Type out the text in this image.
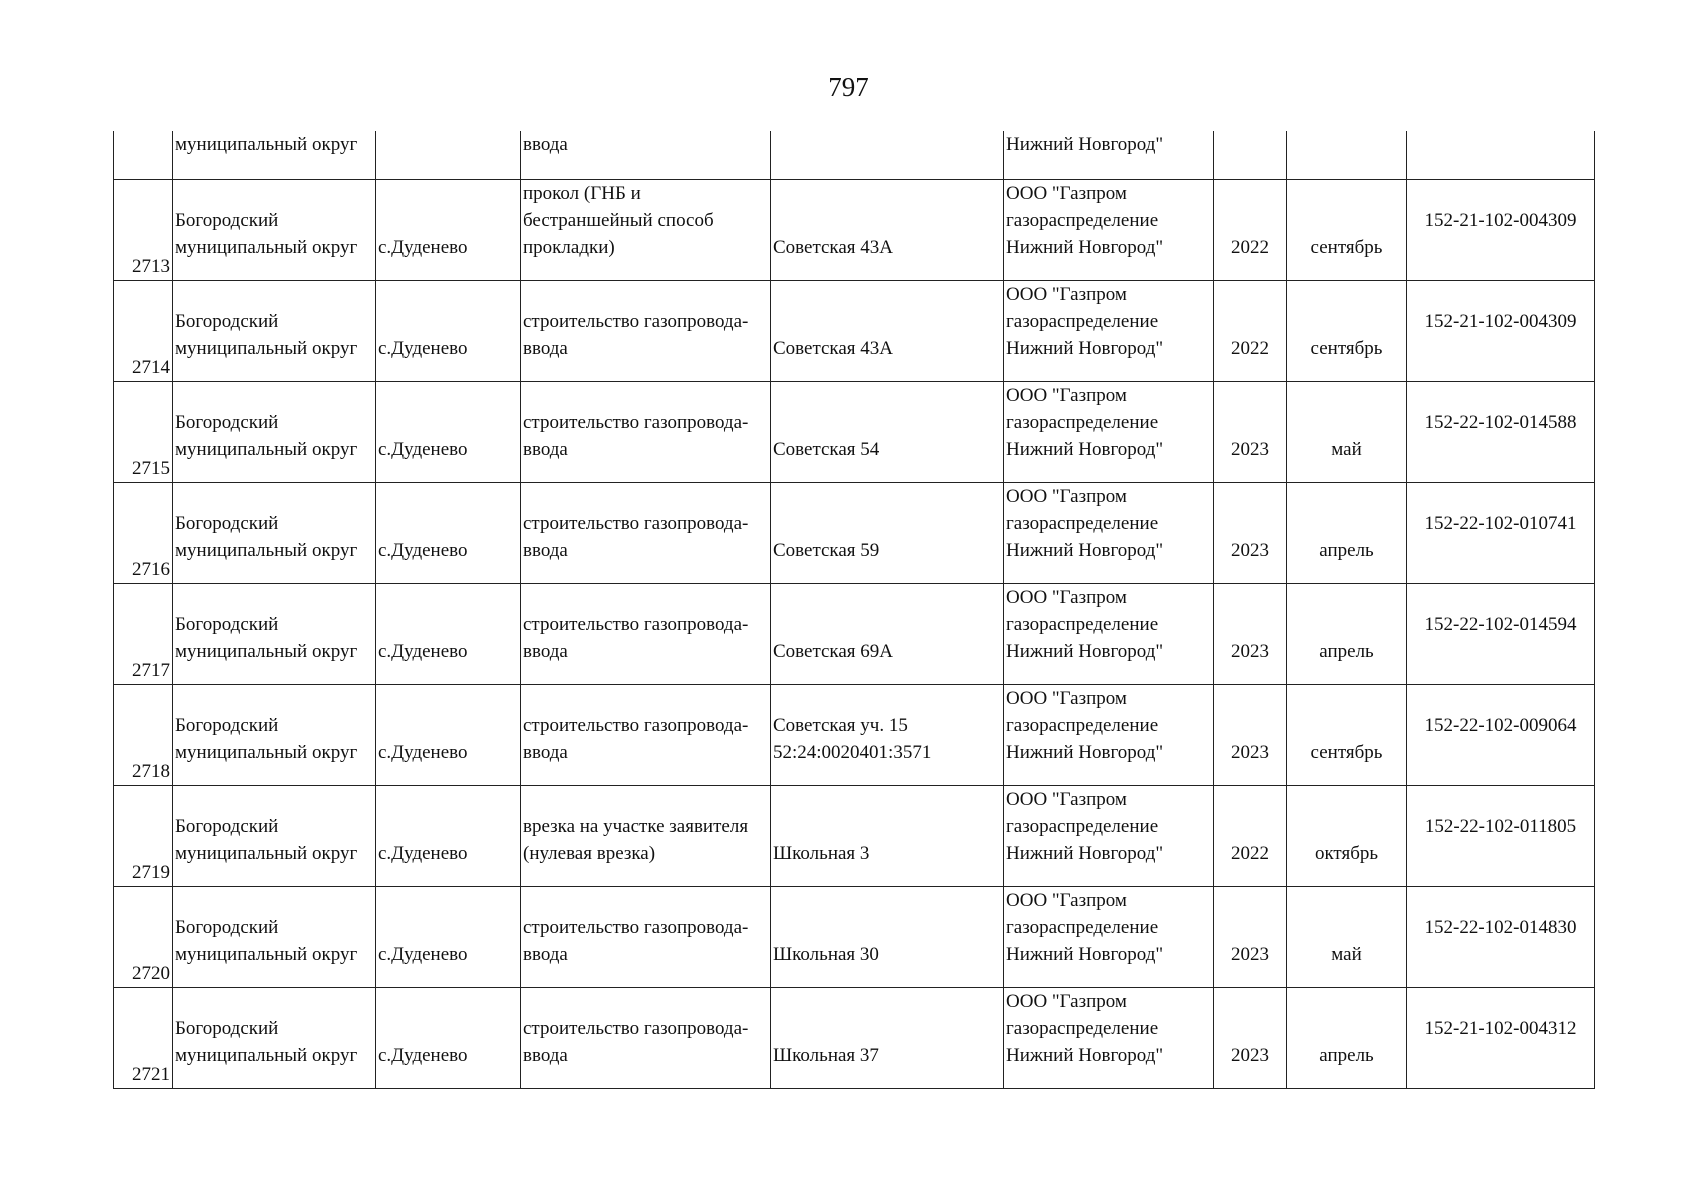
797

	муниципальный округ		ввода		Нижний Новгород"			

2713	Богородский
муниципальный округ	с.Дуденево	прокол (ГНБ и
бестраншейный способ
прокладки)	Советская 43А	ООО "Газпром
газораспределение
Нижний Новгород"	2022	сентябрь	152-21-102-004309

2714	Богородский
муниципальный округ	с.Дуденево	строительство газопровода-
ввода	Советская 43А	ООО "Газпром
газораспределение
Нижний Новгород"	2022	сентябрь	152-21-102-004309

2715	Богородский
муниципальный округ	с.Дуденево	строительство газопровода-
ввода	Советская 54	ООО "Газпром
газораспределение
Нижний Новгород"	2023	май	152-22-102-014588

2716	Богородский
муниципальный округ	с.Дуденево	строительство газопровода-
ввода	Советская 59	ООО "Газпром
газораспределение
Нижний Новгород"	2023	апрель	152-22-102-010741

2717	Богородский
муниципальный округ	с.Дуденево	строительство газопровода-
ввода	Советская 69А	ООО "Газпром
газораспределение
Нижний Новгород"	2023	апрель	152-22-102-014594

2718	Богородский
муниципальный округ	с.Дуденево	строительство газопровода-
ввода	Советская уч. 15
52:24:0020401:3571	ООО "Газпром
газораспределение
Нижний Новгород"	2023	сентябрь	152-22-102-009064

2719	Богородский
муниципальный округ	с.Дуденево	врезка на участке заявителя
(нулевая врезка)	Школьная 3	ООО "Газпром
газораспределение
Нижний Новгород"	2022	октябрь	152-22-102-011805

2720	Богородский
муниципальный округ	с.Дуденево	строительство газопровода-
ввода	Школьная 30	ООО "Газпром
газораспределение
Нижний Новгород"	2023	май	152-22-102-014830

2721	Богородский
муниципальный округ	с.Дуденево	строительство газопровода-
ввода	Школьная 37	ООО "Газпром
газораспределение
Нижний Новгород"	2023	апрель	152-21-102-004312
